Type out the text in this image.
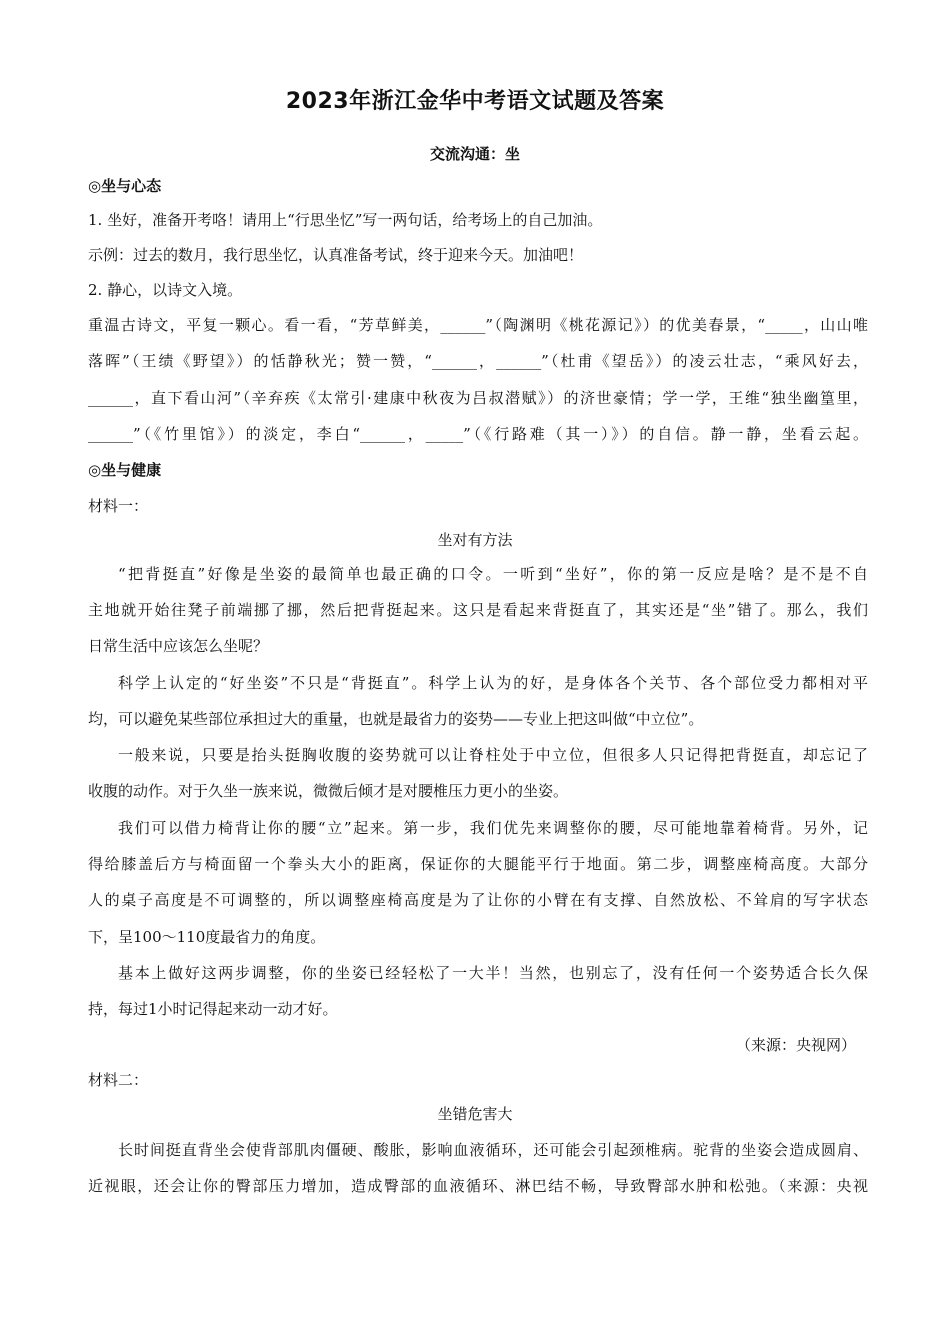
2023年浙江金华中考语文试题及答案
交流沟通：坐
◎坐与心态
1. 坐好，准备开考咯！请用上“行思坐忆”写一两句话，给考场上的自己加油。
示例：过去的数月，我行思坐忆，认真准备考试，终于迎来今天。加油吧！
2. 静心，以诗文入境。
重温古诗文，平复一颗心。看一看，“芳草鲜美，______”（陶渊明《桃花源记》）的优美春景，“_____，山山唯
落晖”（王绩《野望》）的恬静秋光；赞一赞，“______，______”（杜甫《望岳》）的凌云壮志，“乘风好去，
______，直下看山河”（辛弃疾《太常引·建康中秋夜为吕叔潜赋》）的济世豪情；学一学，王维“独坐幽篁里，
______”（《竹里馆》）的淡定，李白“______，_____”（《行路难（其一）》）的自信。静一静，坐看云起。
◎坐与健康
材料一：
坐对有方法
“把背挺直”好像是坐姿的最简单也最正确的口令。一听到“坐好”，你的第一反应是啥？是不是不自
主地就开始往凳子前端挪了挪，然后把背挺起来。这只是看起来背挺直了，其实还是“坐”错了。那么，我们
日常生活中应该怎么坐呢？
科学上认定的“好坐姿”不只是“背挺直”。科学上认为的好，是身体各个关节、各个部位受力都相对平
均，可以避免某些部位承担过大的重量，也就是最省力的姿势——专业上把这叫做“中立位”。
一般来说，只要是抬头挺胸收腹的姿势就可以让脊柱处于中立位，但很多人只记得把背挺直，却忘记了
收腹的动作。对于久坐一族来说，微微后倾才是对腰椎压力更小的坐姿。
我们可以借力椅背让你的腰“立”起来。第一步，我们优先来调整你的腰，尽可能地靠着椅背。另外，记
得给膝盖后方与椅面留一个拳头大小的距离，保证你的大腿能平行于地面。第二步，调整座椅高度。大部分
人的桌子高度是不可调整的，所以调整座椅高度是为了让你的小臂在有支撑、自然放松、不耸肩的写字状态
下，呈100～110度最省力的角度。
基本上做好这两步调整，你的坐姿已经轻松了一大半！当然，也别忘了，没有任何一个姿势适合长久保
持，每过1小时记得起来动一动才好。
（来源：央视网）
材料二：
坐错危害大
长时间挺直背坐会使背部肌肉僵硬、酸胀，影响血液循环，还可能会引起颈椎病。驼背的坐姿会造成圆肩、
近视眼，还会让你的臀部压力增加，造成臀部的血液循环、淋巴结不畅，导致臀部水肿和松弛。（来源：央视
